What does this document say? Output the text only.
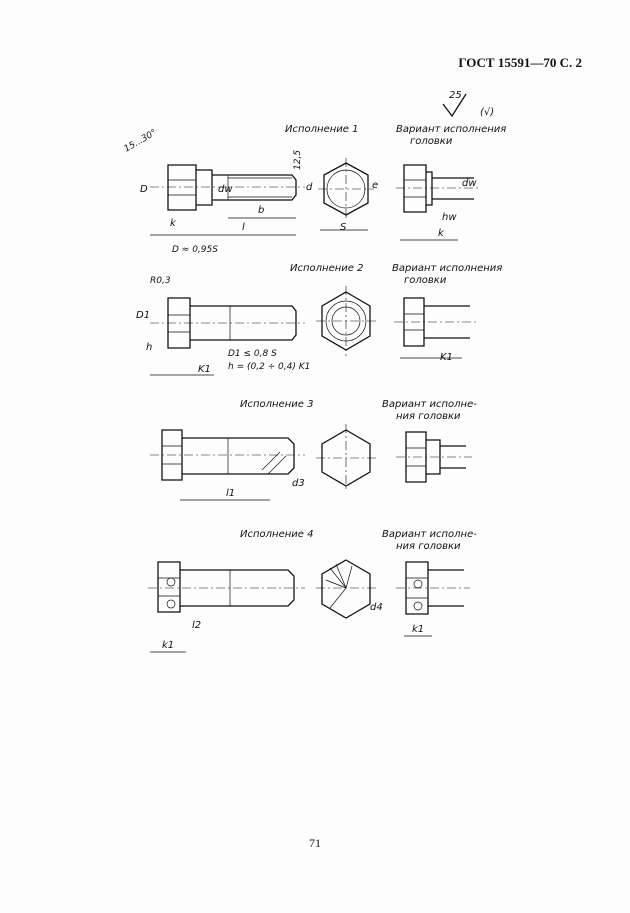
ГОСТ 15591—70 С. 2
25
(√)
Исполнение 1	Вариант исполнения
головки
15...30°
D	dw
k
b
l
12,5
d
D ≈ 0,95S
S
e	dw
hw
k
Исполнение 2	Вариант исполнения
головки
R0,3
D1
h
K1
D1 ≤ 0,8 S
h = (0,2 ÷ 0,4) K1
K1
Исполнение 3	Вариант исполне-
ния головки
l1
d3
Исполнение 4	Вариант исполне-
ния головки
l2
k1
d4
k1
71
